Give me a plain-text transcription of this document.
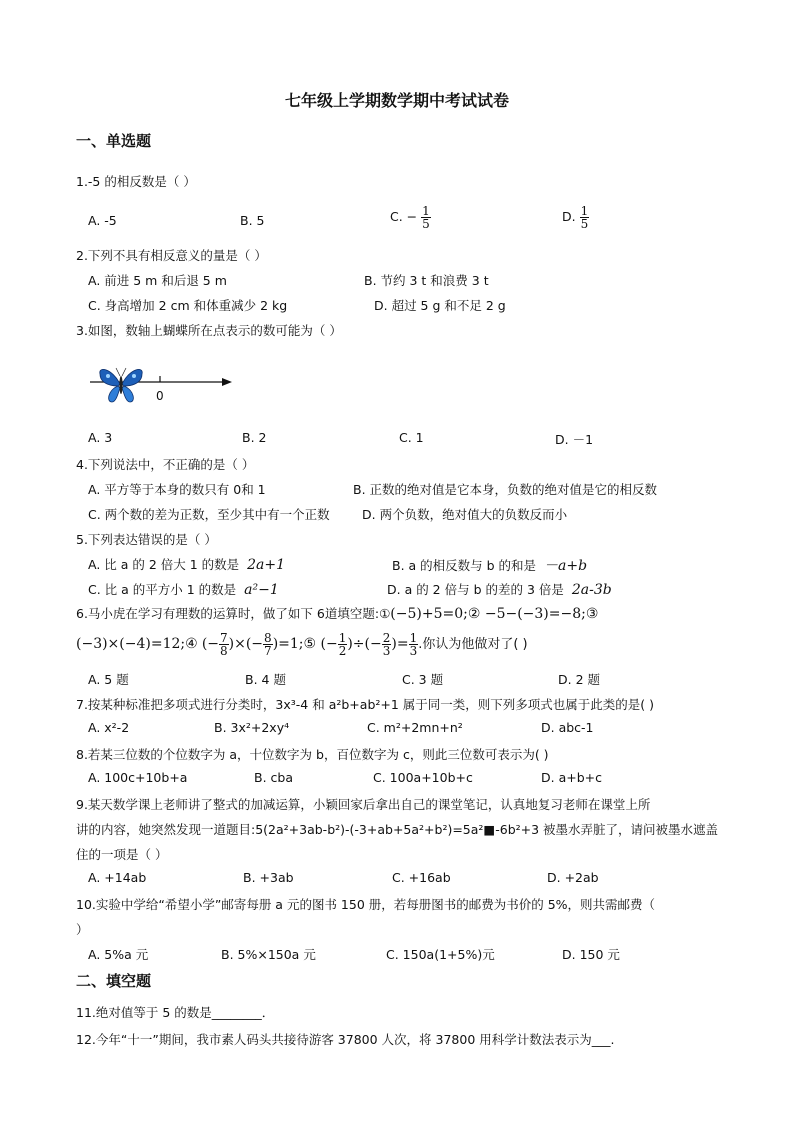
七年级上学期数学期中考试试卷
一、单选题
1.-5 的相反数是（ ）
A. -5	B. 5	C. − $\frac{1}{5}$	D. $\frac{1}{5}$
2.下列不具有相反意义的量是（ ）
A. 前进 5 m 和后退 5 m	B. 节约 3 t 和浪费 3 t
C. 身高增加 2 cm 和体重减少 2 kg	D. 超过 5 g 和不足 2 g
3.如图，数轴上蝴蝶所在点表示的数可能为（ ）
0
A. 3	B. 2	C. 1	D. －1
4.下列说法中，不正确的是（ ）
A. 平方等于本身的数只有 0和 1	B. 正数的绝对值是它本身，负数的绝对值是它的相反数
C. 两个数的差为正数，至少其中有一个正数	D. 两个负数，绝对值大的负数反而小
5.下列表达错误的是（ ）
A. 比 a 的 2 倍大 1 的数是 2a+1	B. a 的相反数与 b 的和是 －a+b
C. 比 a 的平方小 1 的数是 a²−1	D. a 的 2 倍与 b 的差的 3 倍是 2a-3b
6.马小虎在学习有理数的运算时，做了如下 6道填空题:①(−5)+5=0;② −5−(−3)=−8;③
(−3)×(−4)=12;④ (− $\frac{7}{8}$ )×(− $\frac{8}{7}$ )=1;⑤ (− $\frac{1}{2}$ )÷(− $\frac{2}{3}$ )= $\frac{1}{3}$ .你认为他做对了( )
A. 5 题	B. 4 题	C. 3 题	D. 2 题
7.按某种标准把多项式进行分类时，3x³-4 和 a²b+ab²+1 属于同一类，则下列多项式也属于此类的是( )
A. x²-2	B. 3x²+2xy⁴	C. m²+2mn+n²	D. abc-1
8.若某三位数的个位数字为 a，十位数字为 b，百位数字为 c，则此三位数可表示为( )
A. 100c+10b+a	B. cba	C. 100a+10b+c	D. a+b+c
9.某天数学课上老师讲了整式的加减运算，小颖回家后拿出自己的课堂笔记，认真地复习老师在课堂上所
讲的内容，她突然发现一道题目:5(2a²+3ab-b²)-(-3+ab+5a²+b²)=5a²■-6b²+3 被墨水弄脏了，请问被墨水遮盖
住的一项是（ ）
A. +14ab	B. +3ab	C. +16ab	D. +2ab
10.实验中学给“希望小学”邮寄每册 a 元的图书 150 册，若每册图书的邮费为书价的 5%，则共需邮费（
）
A. 5%a 元	B. 5%×150a 元	C. 150a(1+5%)元	D. 150 元
二、填空题
11.绝对值等于 5 的数是________．
12.今年“十一”期间，我市素人码头共接待游客 37800 人次，将 37800 用科学计数法表示为___.
